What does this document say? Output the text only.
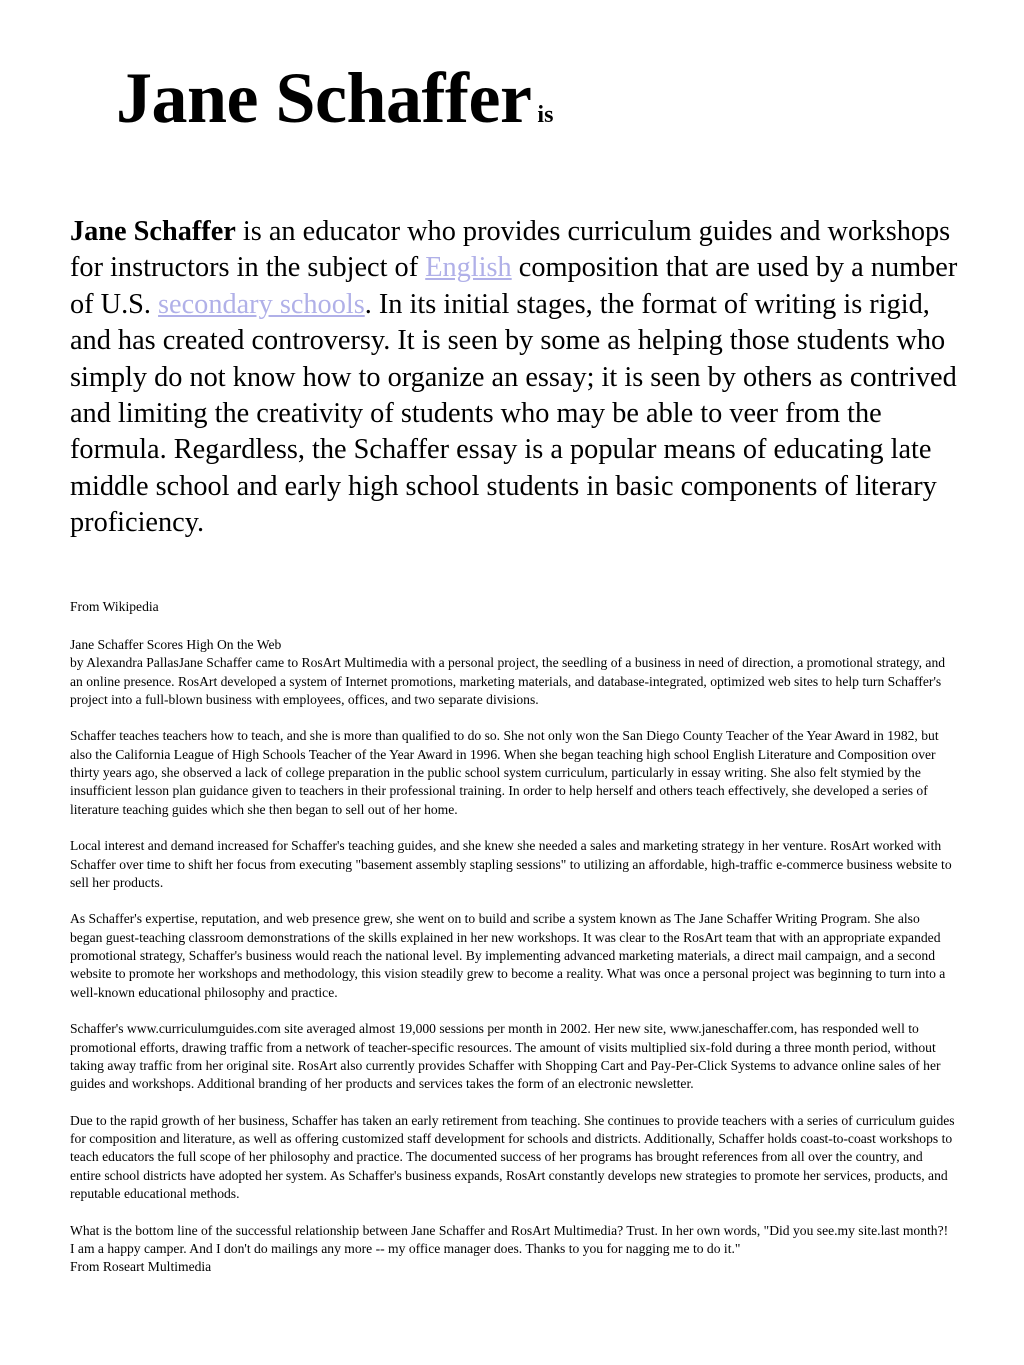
Jane Schaffer is

Jane Schaffer is an educator who provides curriculum guides and workshops for instructors in the subject of English composition that are used by a number of U.S. secondary schools. In its initial stages, the format of writing is rigid, and has created controversy. It is seen by some as helping those students who simply do not know how to organize an essay; it is seen by others as contrived and limiting the creativity of students who may be able to veer from the formula. Regardless, the Schaffer essay is a popular means of educating late middle school and early high school students in basic components of literary proficiency.

From Wikipedia

Jane Schaffer Scores High On the Web
by Alexandra PallasJane Schaffer came to RosArt Multimedia with a personal project, the seedling of a business in need of direction, a promotional strategy, and an online presence. RosArt developed a system of Internet promotions, marketing materials, and database-integrated, optimized web sites to help turn Schaffer's project into a full-blown business with employees, offices, and two separate divisions.

Schaffer teaches teachers how to teach, and she is more than qualified to do so. She not only won the San Diego County Teacher of the Year Award in 1982, but also the California League of High Schools Teacher of the Year Award in 1996. When she began teaching high school English Literature and Composition over thirty years ago, she observed a lack of college preparation in the public school system curriculum, particularly in essay writing. She also felt stymied by the insufficient lesson plan guidance given to teachers in their professional training. In order to help herself and others teach effectively, she developed a series of literature teaching guides which she then began to sell out of her home.

Local interest and demand increased for Schaffer's teaching guides, and she knew she needed a sales and marketing strategy in her venture. RosArt worked with Schaffer over time to shift her focus from executing "basement assembly stapling sessions" to utilizing an affordable, high-traffic e-commerce business website to sell her products.

As Schaffer's expertise, reputation, and web presence grew, she went on to build and scribe a system known as The Jane Schaffer Writing Program. She also began guest-teaching classroom demonstrations of the skills explained in her new workshops. It was clear to the RosArt team that with an appropriate expanded promotional strategy, Schaffer's business would reach the national level. By implementing advanced marketing materials, a direct mail campaign, and a second website to promote her workshops and methodology, this vision steadily grew to become a reality. What was once a personal project was beginning to turn into a well-known educational philosophy and practice.

Schaffer's www.curriculumguides.com site averaged almost 19,000 sessions per month in 2002. Her new site, www.janeschaffer.com, has responded well to promotional efforts, drawing traffic from a network of teacher-specific resources. The amount of visits multiplied six-fold during a three month period, without taking away traffic from her original site. RosArt also currently provides Schaffer with Shopping Cart and Pay-Per-Click Systems to advance online sales of her guides and workshops. Additional branding of her products and services takes the form of an electronic newsletter.

Due to the rapid growth of her business, Schaffer has taken an early retirement from teaching. She continues to provide teachers with a series of curriculum guides for composition and literature, as well as offering customized staff development for schools and districts. Additionally, Schaffer holds coast-to-coast workshops to teach educators the full scope of her philosophy and practice. The documented success of her programs has brought references from all over the country, and entire school districts have adopted her system. As Schaffer's business expands, RosArt constantly develops new strategies to promote her services, products, and reputable educational methods.

What is the bottom line of the successful relationship between Jane Schaffer and RosArt Multimedia? Trust. In her own words, "Did you see.my site.last month?! I am a happy camper. And I don't do mailings any more -- my office manager does. Thanks to you for nagging me to do it."
From Roseart Multimedia
